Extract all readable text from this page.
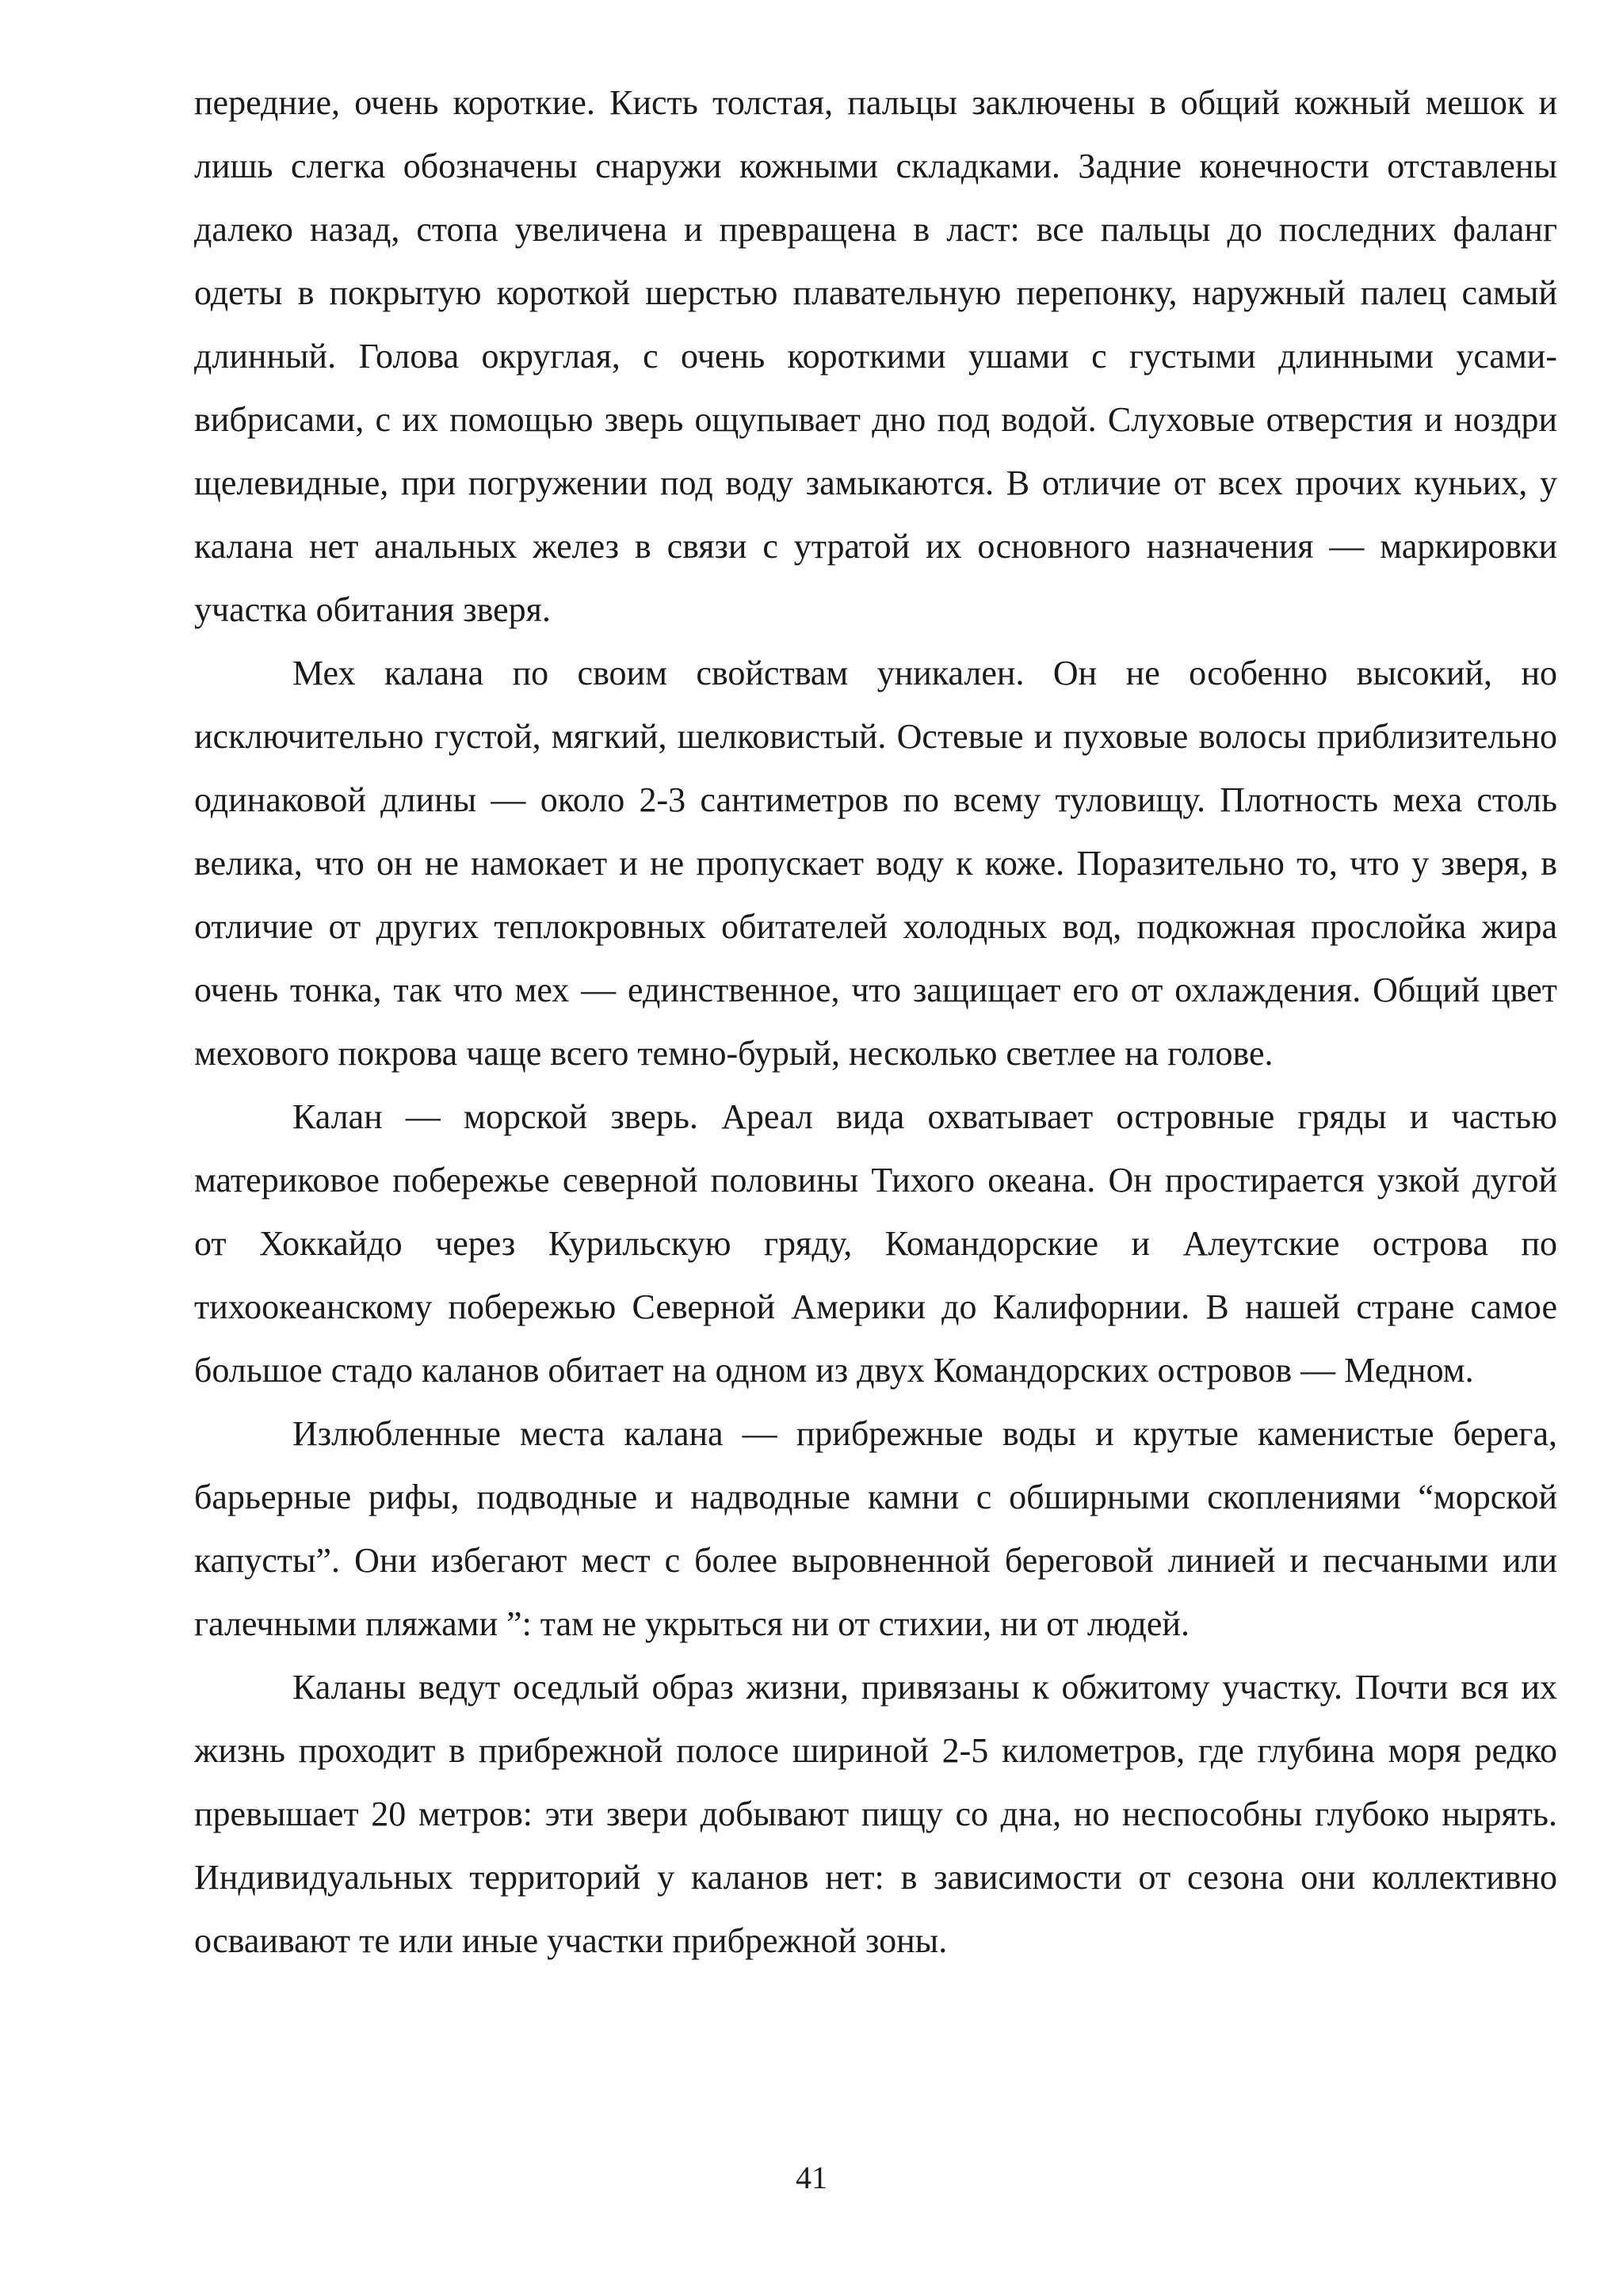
передние, очень короткие. Кисть толстая, пальцы заключены в общий кожный мешок и лишь слегка обозначены снаружи кожными складками. Задние конечности отставлены далеко назад, стопа увеличена и превращена в ласт: все пальцы до последних фаланг одеты в покрытую короткой шерстью плавательную перепонку, наружный палец самый длинный. Голова округлая, с очень короткими ушами с густыми длинными усами-вибрисами, с их помощью зверь ощупывает дно под водой. Слуховые отверстия и ноздри щелевидные, при погружении под воду замыкаются. В отличие от всех прочих куньих, у калана нет анальных желез в связи с утратой их основного назначения — маркировки участка обитания зверя.

Мех калана по своим свойствам уникален. Он не особенно высокий, но исключительно густой, мягкий, шелковистый. Остевые и пуховые волосы приблизительно одинаковой длины — около 2-3 сантиметров по всему туловищу. Плотность меха столь велика, что он не намокает и не пропускает воду к коже. Поразительно то, что у зверя, в отличие от других теплокровных обитателей холодных вод, подкожная прослойка жира очень тонка, так что мех — единственное, что защищает его от охлаждения. Общий цвет мехового покрова чаще всего темно-бурый, несколько светлее на голове.

Калан — морской зверь. Ареал вида охватывает островные гряды и частью материковое побережье северной половины Тихого океана. Он простирается узкой дугой от Хоккайдо через Курильскую гряду, Командорские и Алеутские острова по тихоокеанскому побережью Северной Америки до Калифорнии. В нашей стране самое большое стадо каланов обитает на одном из двух Командорских островов — Медном.

Излюбленные места калана — прибрежные воды и крутые каменистые берега, барьерные рифы, подводные и надводные камни с обширными скоплениями “морской капусты”. Они избегают мест с более выровненной береговой линией и песчаными или галечными пляжами ”: там не укрыться ни от стихии, ни от людей.

Каланы ведут оседлый образ жизни, привязаны к обжитому участку. Почти вся их жизнь проходит в прибрежной полосе шириной 2-5 километров, где глубина моря редко превышает 20 метров: эти звери добывают пищу со дна, но неспособны глубоко нырять. Индивидуальных территорий у каланов нет: в зависимости от сезона они коллективно осваивают те или иные участки прибрежной зоны.

41
